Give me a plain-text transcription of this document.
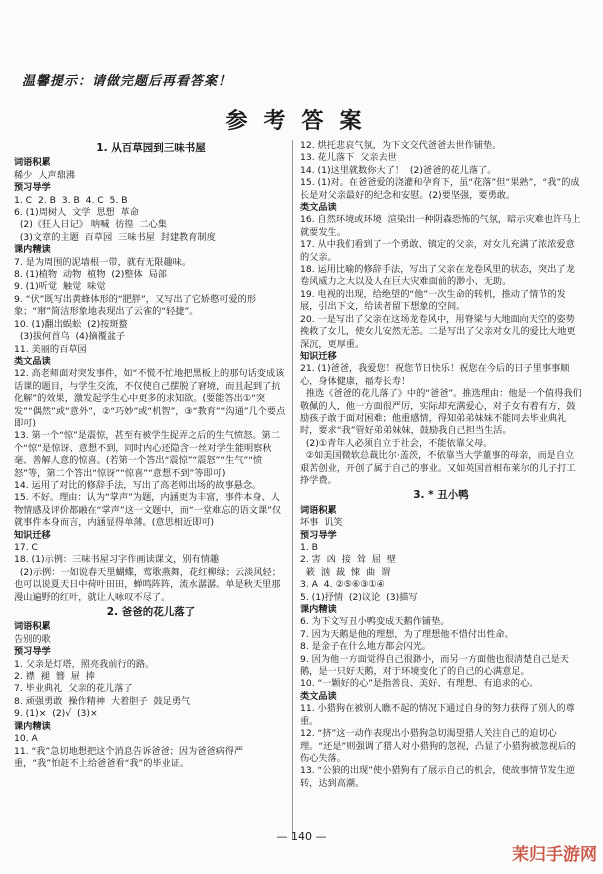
温馨提示：请做完题后再看答案！
参考答案
1. 从百草园到三味书屋
词语积累
稀少  人声鼎沸
预习导学
1. C  2. B  3. B  4. C  5. B
6. (1)周树人  文学  思想  革命
(2)《狂人日记》 呐喊  彷徨  二心集
(3)文章的主题  百草园  三味书屋  封建教育制度
课内精读
7. 是为周围的泥墙根一带，就有无限趣味。
8. (1)植物  动物  植物  (2)整体  局部
9. (1)听觉  触觉  味觉
9. “伏”既写出黄蜂体形的“肥胖”，又写出了它娇憨可爱的形象；“窜”简洁形象地表现出了云雀的“轻捷”。
10. (1)翻出蜈蚣  (2)按斑蝥
(3)拔何首乌  (4)摘覆盆子
11. 美丽的百草园
类文品读
12. 高老师面对突发事件，如“不慌不忙地把黑板上的那句话变成该话课的题目，与学生交流，不仅使自己摆脱了窘境，而且起到了抗化解”的效果，激发起学生心中更多的求知欲。(要能答出①“突发”“偶然”或“意外”，②“巧妙”或“机智”，③“教育”“沟通”几个要点即可)
13. 第一个“惊”是震惊，甚至有被学生捉弄之后的生气愤怒。第二个“惊”是惊讶、意想不到，同时内心还隐含一丝对学生能明察秋毫、善解人意的惊喜。(若第一个答出“震惊”“震怒”“生气”“愤怒”等，第二个答出“惊讶”“惊喜”“意想不到”等即可)
14. 运用了对比的修辞手法，写出了高老师出场的故事悬念。
15. 不好。理由：认为“掌声”为题，内涵更为丰富，事件本身、人物情感及评价都融在“掌声”这一文题中，而“一堂难忘的语文课”仅就事件本身而言，内涵显得单薄。(意思相近即可)
知识迁移
17. C
18. (1)示例：三味书屋习字作画读课文，别有情趣
(2)示例：一如说春天里蝴蝶，莺歌燕舞，花红柳绿；云淡风轻；也可以说夏天日中荷叶田田，蝉鸣阵阵，流水潺潺。单是秋天里那漫山遍野的红叶，就让人咏叹不尽了。
2. 爸爸的花儿落了
词语积累
告别的歌
预习导学
1. 父亲是灯塔，照亮我前行的路。
2. 襟  褪  簪  屉  捧
7. 毕业典礼  父亲的花儿落了
8. 顽强勇敢  操作精神  大着胆子  鼓足勇气
9. (1)×  (2)√  (3)×
课内精读
10. A
11. “我”急切地想把这个消息告诉爸爸；因为爸爸病得严重，“我”怕赶不上给爸爸看“我”的毕业证。
12. 烘托悲哀气氛，为下文交代爸爸去世作铺垫。
13. 花儿落下  父亲去世
14. (1)这里就数你大了！  (2)爸爸的花儿落了。
15. (1)对。在爸爸爱的浇灌和孕育下，虽“花落”但“果熟”，“我”的成长是对父亲最好的纪念和安慰。(2)要坚强，要勇敢。
类文品读
16. 自然环境或环境  渲染出一种阴森恐怖的气氛，暗示灾难也许马上就要发生。
17. 从中我们看到了一个勇敢、镇定的父亲，对女儿充满了浓浓爱意的父亲。
18. 运用比喻的修辞手法，写出了父亲在龙卷风里的状态，突出了龙卷风威力之大以及人在巨大灾难面前的渺小、无助。
19. 电视的出现，给绝望的“他”一次生命的转机，推动了情节的发展，引出下文，给读者留下想象的空间。
20. 一是写出了父亲在这场龙卷风中，用脊梁与大地面向天空的姿势挽救了女儿，使女儿安然无恙。二是写出了父亲对女儿的爱比大地更深沉，更厚重。
知识迁移
21. (1)爸爸，我爱您！祝您节日快乐！祝您在今后的日子里事事顺心，身体健康，福寿长寿！
推选《爸爸的花儿落了》中的“爸爸”。推选理由：他是一个值得我们敬佩的人，他一方面很严厉，实际却充满爱心，对子女有着有方，鼓励孩子敢于面对困难；他重感情，得知弟弟妹妹不能同去毕业典礼时，要求“我”管好弟弟妹妹，鼓励我自己担当生活。
(2)①青年人必须自立于社会，不能依靠父母。
②如美国微软总裁比尔·盖茨，不依靠当大学董事的母亲，而是自立艰苦创业，开创了属于自己的事业。又如英国首相布莱尔的儿子打工挣学费。
3. * 丑小鸭
词语积累
坏事  讥笑
预习导学
1. B
2. 害  凶  接  耸  屈  壁
簌  汹  裁  悚  曲  谓
3. A  4. ②⑤⑥③①④
5. (1)抒情  (2)议论  (3)描写
课内精读
6. 为下文写丑小鸭变成天鹅作铺垫。
7. 因为天鹅是他的理想，为了理想他不惜付出性命。
8. 是金子在什么地方都会闪光。
9. 因为他一方面觉得自己很渺小，而另一方面他也很清楚自己是天鹅，是一只好天鹅，对于环境变化了的自己的心满意足。
10. “一颗好的心”是指善良、美好、有理想、有追求的心。
类文品读
11. 小猎狗在被别人瞧不起的情况下通过自身的努力获得了别人的尊重。
12. “挤”这一动作表现出小猎狗急切渴望猎人关注自己的迫切心理。“还是”则强调了猎人对小猎狗的忽视，凸显了小猎狗被忽视后的伤心失落。
13. “公狼的出现”使小猎狗有了展示自己的机会，使故事情节发生逆转，达到高潮。
— 140 —
茉归手游网
